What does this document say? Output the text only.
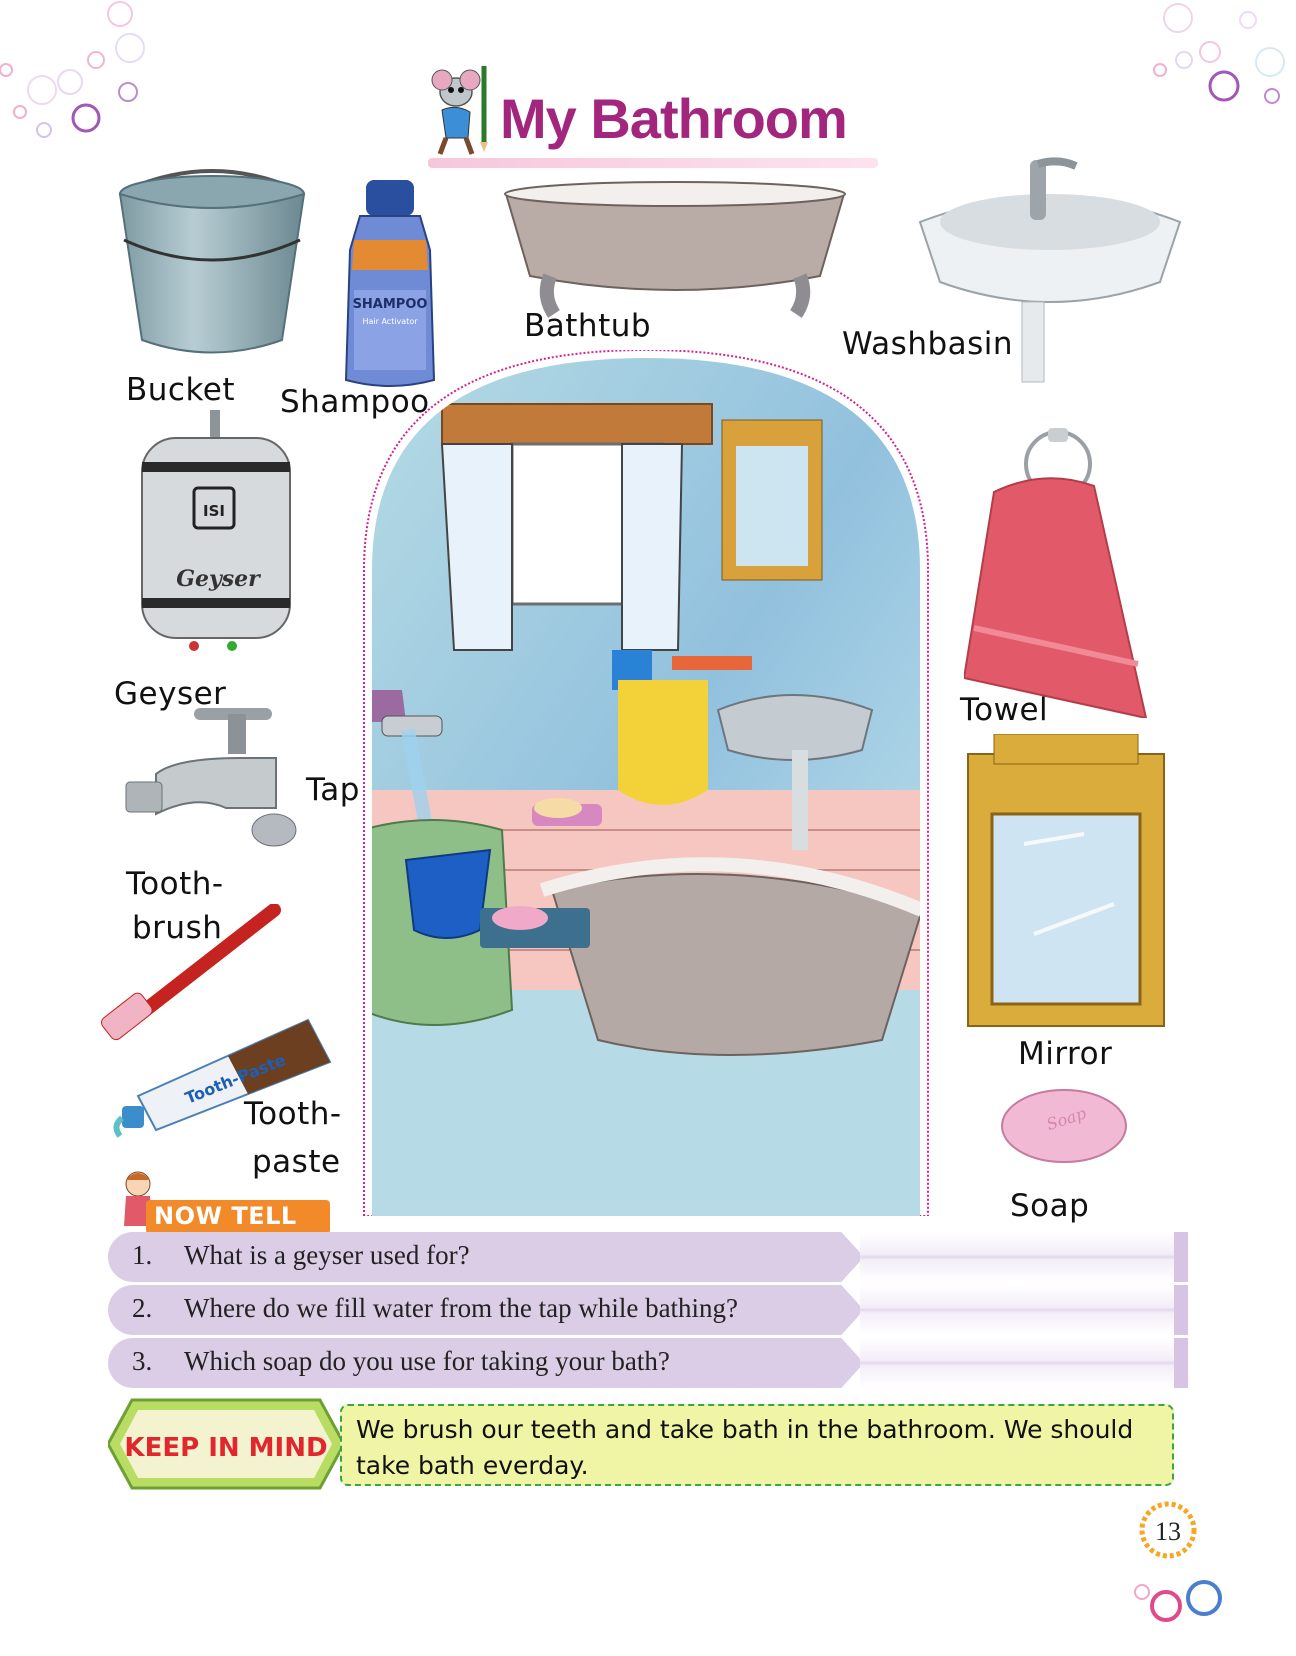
My Bathroom
Bucket
SHAMPOO
Hair Activator
Shampoo
Bathtub	Washbasin
ISI
Geyser
Geyser
Tap
Tooth-
brush
Tooth-Paste
Tooth-
paste
Towel
Mirror
Soap
Soap
NOW TELL
1. What is a geyser used for?
2. Where do we fill water from the tap while bathing?
3. Which soap do you use for taking your bath?
KEEP IN MIND
We brush our teeth and take bath in the bathroom. We should take bath everday.
13
